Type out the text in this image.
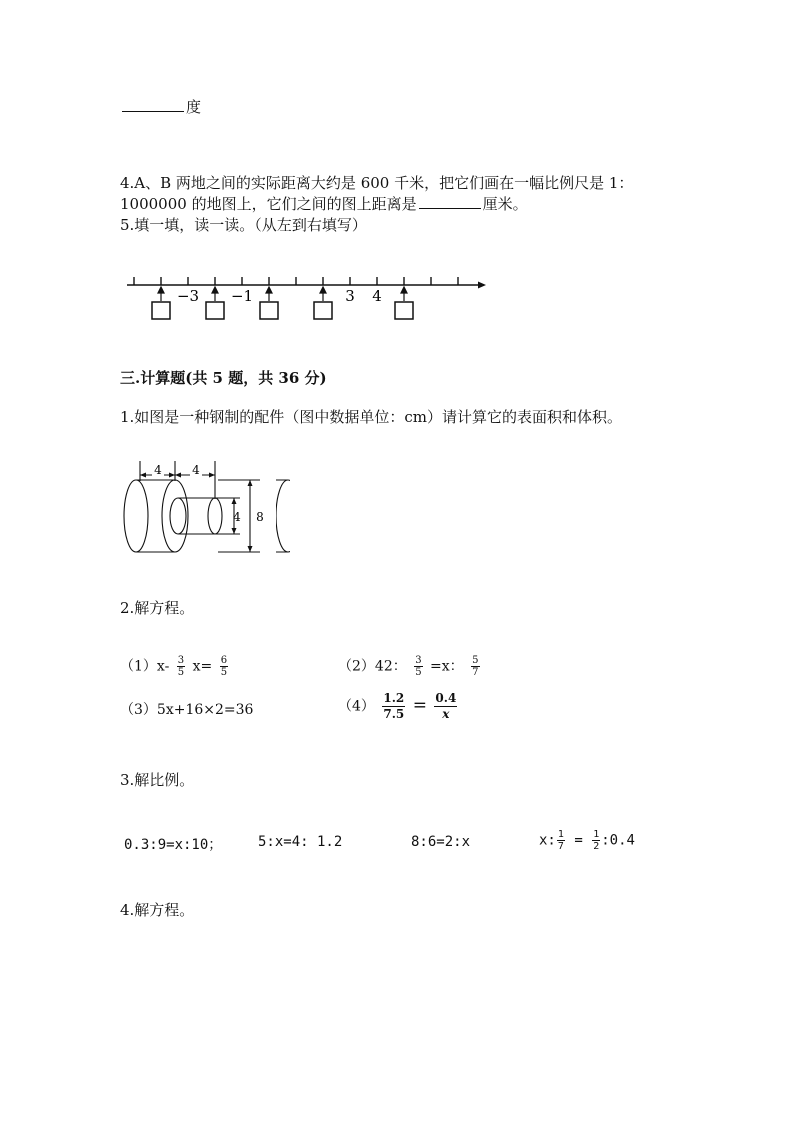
度
4.A、B 两地之间的实际距离大约是 600 千米，把它们画在一幅比例尺是 1：
1000000 的地图上，它们之间的图上距离是	厘米。
5.填一填，读一读。（从左到右填写）
−3 −1	3 4
三.计算题(共 5 题，共 36 分)
1.如图是一种钢制的配件（图中数据单位：cm）请计算它的表面积和体积。
4	4
4 8
2.解方程。
$(1)x- \frac{3}{5} x= \frac{6}{5}$	（2）42： $\frac{3}{5} =x$： $\frac{5}{7}$
（3）5x+16×2=36	$(4) \frac{1.2}{7.5} = \frac{0.4}{x}$
3.解比例。
0.3:9=x:10；	5:x=4: 1.2	8:6=2:x	x: $\frac{1}{7} = \frac{1}{2}$ :0.4
4.解方程。
